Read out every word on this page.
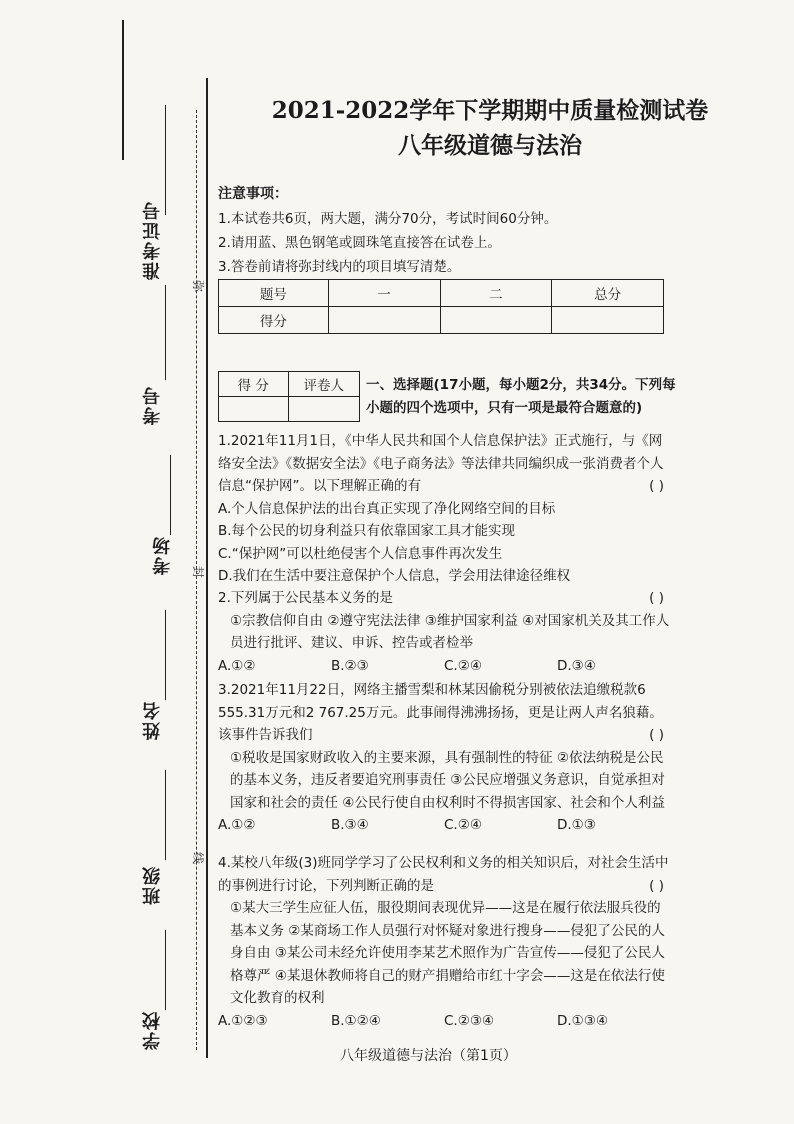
准考证号
考号
考场
姓名
班级
学校
弥
封
线
2021-2022学年下学期期中质量检测试卷
八年级道德与法治
注意事项：
1.本试卷共6页，两大题，满分70分，考试时间60分钟。
2.请用蓝、黑色钢笔或圆珠笔直接答在试卷上。
3.答卷前请将弥封线内的项目填写清楚。
题号	一	二	总分
得分			
得 分	评卷人
	一、选择题(17小题，每小题2分，共34分。下列每小题的四个选项中，只有一项是最符合题意的)

1.2021年11月1日，《中华人民共和国个人信息保护法》正式施行，与《网络安全法》《数据安全法》《电子商务法》等法律共同编织成一张消费者个人信息“保护网”。以下理解正确的有	( )

A.个人信息保护法的出台真正实现了净化网络空间的目标

B.每个公民的切身利益只有依靠国家工具才能实现

C.“保护网”可以杜绝侵害个人信息事件再次发生

D.我们在生活中要注意保护个人信息，学会用法律途径维权

2.下列属于公民基本义务的是	( )

①宗教信仰自由 ②遵守宪法法律 ③维护国家利益 ④对国家机关及其工作人员进行批评、建议、申诉、控告或者检举

A.①②	B.②③	C.②④	D.③④

3.2021年11月22日，网络主播雪梨和林某因偷税分别被依法追缴税款6 555.31万元和2 767.25万元。此事闹得沸沸扬扬，更是让两人声名狼藉。该事件告诉我们	( )

①税收是国家财政收入的主要来源，具有强制性的特征 ②依法纳税是公民的基本义务，违反者要追究刑事责任 ③公民应增强义务意识，自觉承担对国家和社会的责任 ④公民行使自由权利时不得损害国家、社会和个人利益

A.①②	B.③④	C.②④	D.①③

4.某校八年级(3)班同学学习了公民权利和义务的相关知识后，对社会生活中的事例进行讨论，下列判断正确的是	( )

①某大三学生应征人伍，服役期间表现优异——这是在履行依法服兵役的基本义务 ②某商场工作人员强行对怀疑对象进行搜身——侵犯了公民的人身自由 ③某公司未经允许使用李某艺术照作为广告宣传——侵犯了公民人格尊严 ④某退休教师将自己的财产捐赠给市红十字会——这是在依法行使文化教育的权利

A.①②③	B.①②④	C.②③④	D.①③④
八年级道德与法治（第1页）
